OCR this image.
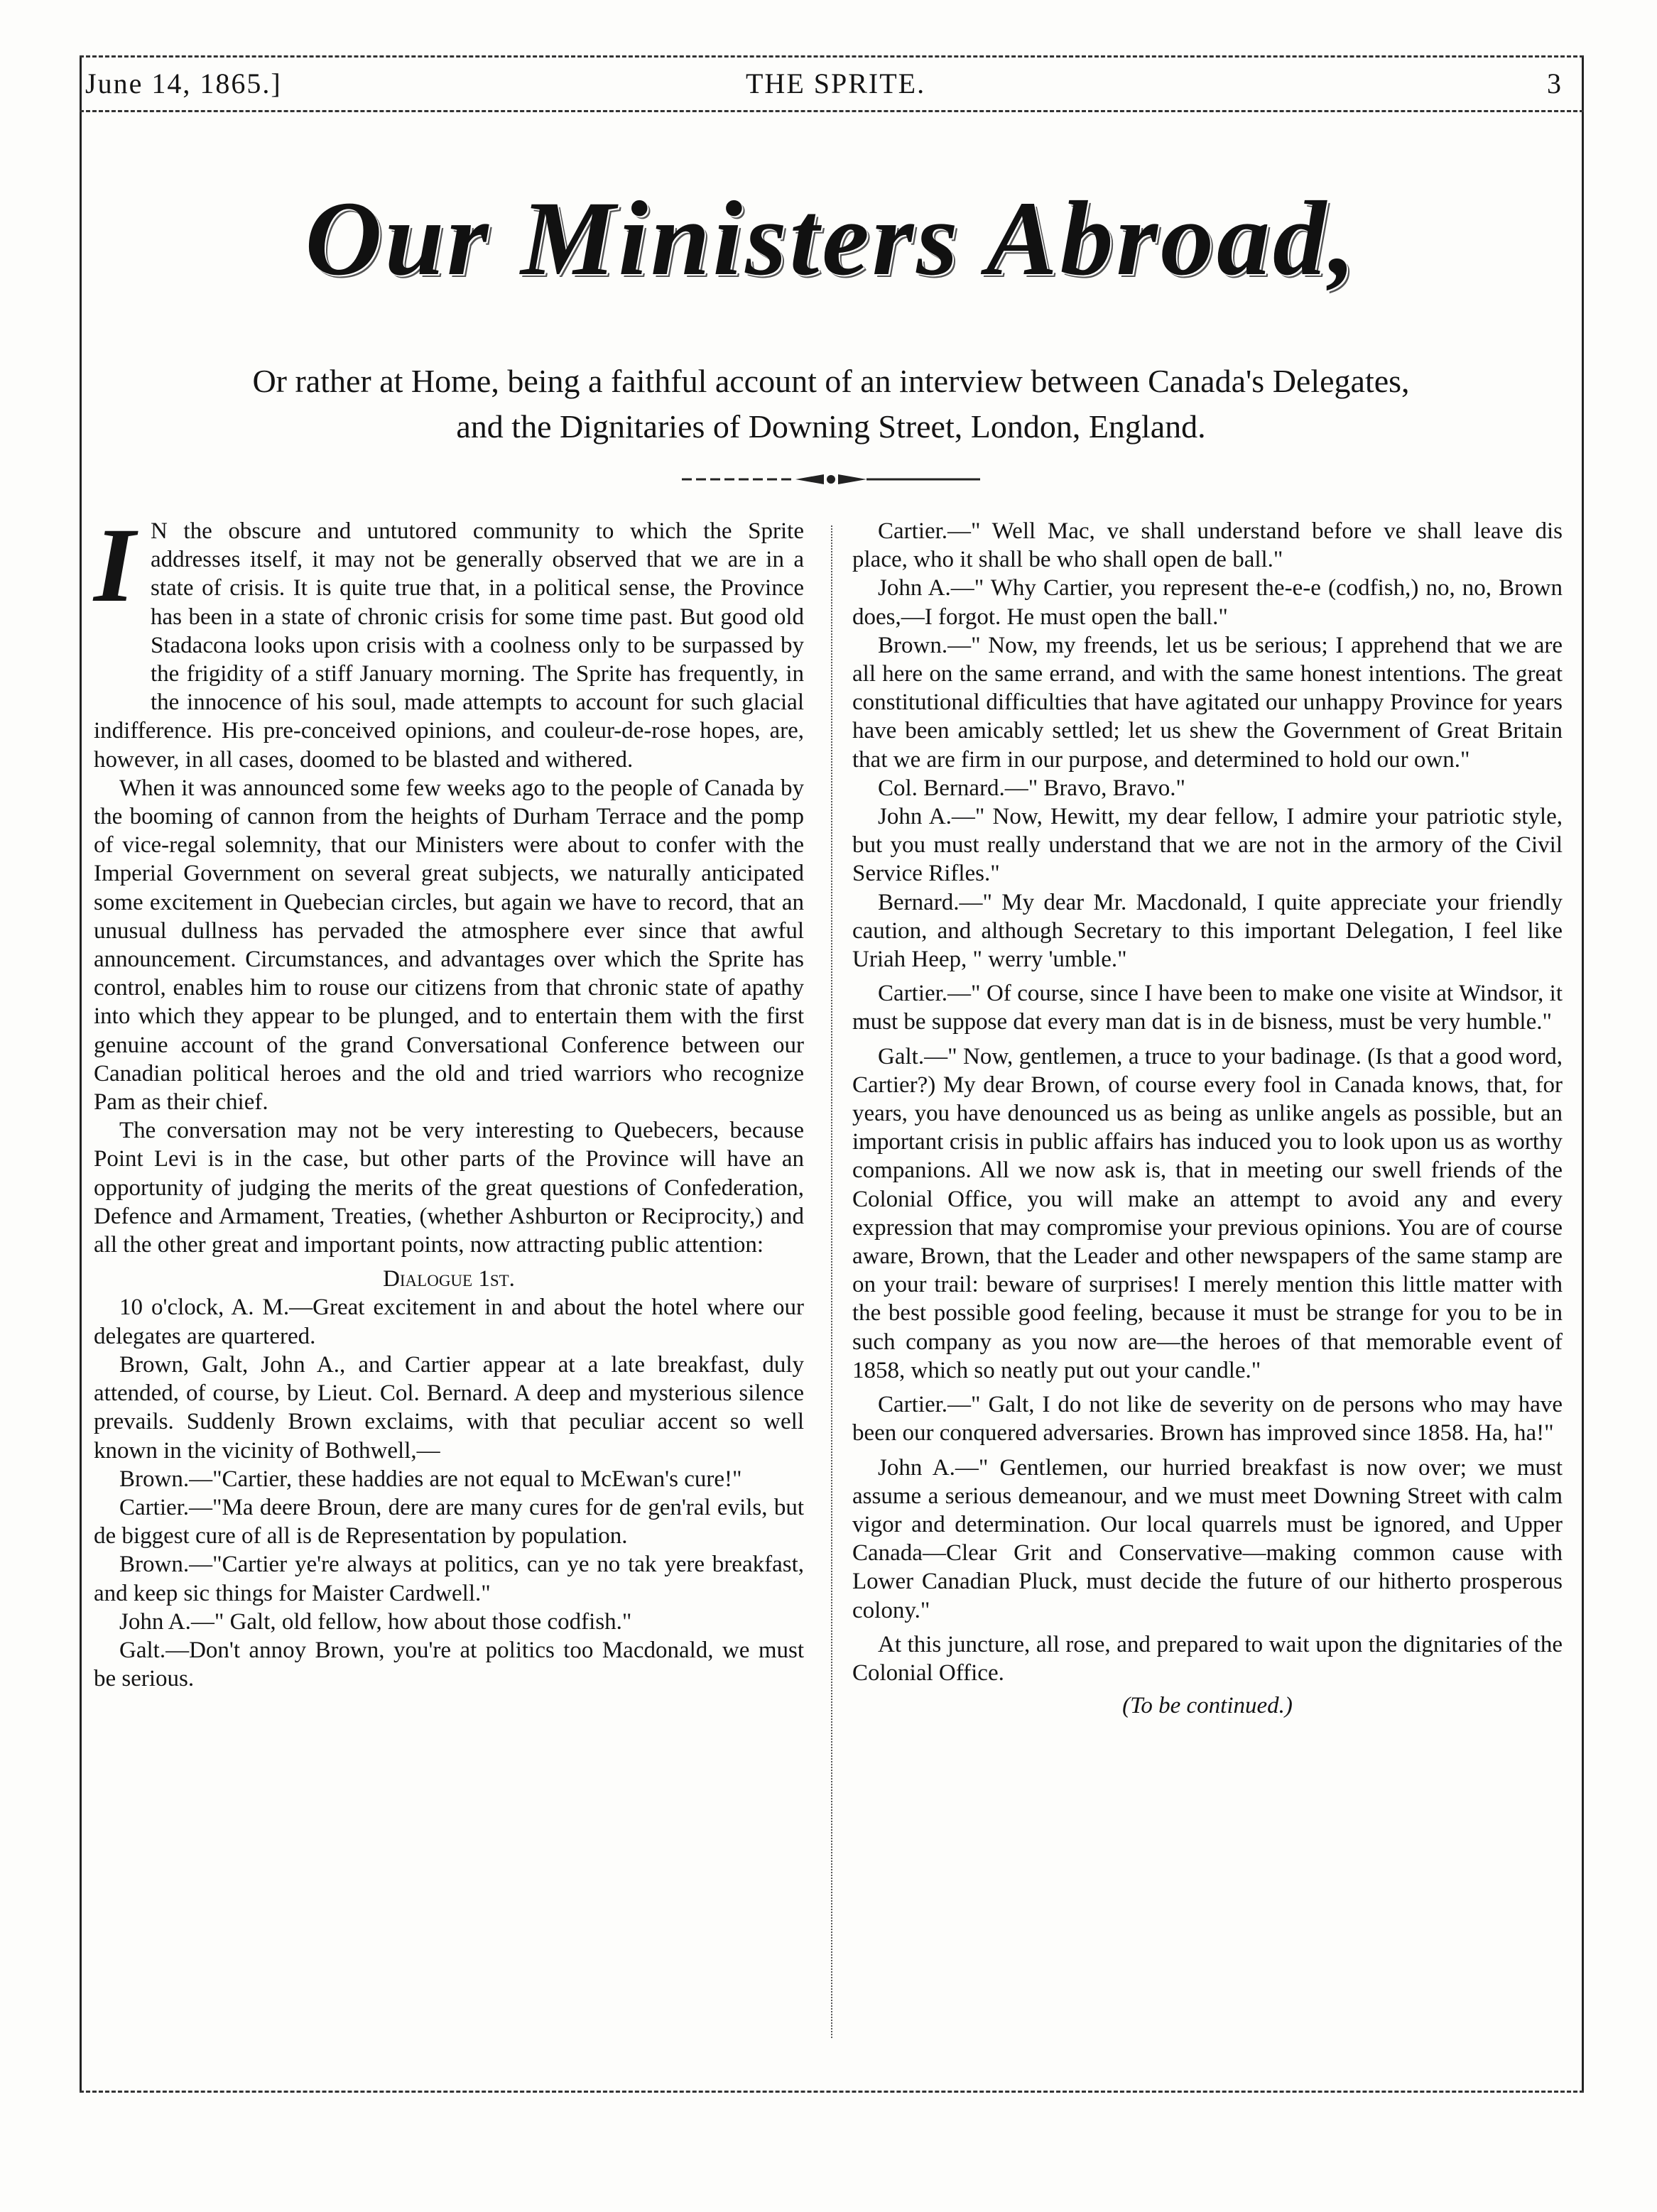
June 14, 1865.]	THE SPRITE.	3
Our Ministers Abroad,
Or rather at Home, being a faithful account of an interview between Canada's Delegates,
and the Dignitaries of Downing Street, London, England.
I N the obscure and untutored community to which the Sprite addresses itself, it may not be generally observed that we are in a state of crisis. It is quite true that, in a political sense, the Province has been in a state of chronic crisis for some time past. But good old Stadacona looks upon crisis with a coolness only to be surpassed by the frigidity of a stiff January morning. The Sprite has frequently, in the innocence of his soul, made attempts to account for such glacial indifference. His pre-conceived opinions, and couleur-de-rose hopes, are, however, in all cases, doomed to be blasted and withered.

When it was announced some few weeks ago to the people of Canada by the booming of cannon from the heights of Durham Terrace and the pomp of vice-regal solemnity, that our Ministers were about to confer with the Imperial Government on several great subjects, we naturally anticipated some excitement in Quebecian circles, but again we have to record, that an unusual dullness has pervaded the atmosphere ever since that awful announcement. Circumstances, and advantages over which the Sprite has control, enables him to rouse our citizens from that chronic state of apathy into which they appear to be plunged, and to entertain them with the first genuine account of the grand Conversational Conference between our Canadian political heroes and the old and tried warriors who recognize Pam as their chief.

The conversation may not be very interesting to Quebecers, because Point Levi is in the case, but other parts of the Province will have an opportunity of judging the merits of the great questions of Confederation, Defence and Armament, Treaties, (whether Ashburton or Reciprocity,) and all the other great and important points, now attracting public attention:

Dialogue 1st.

10 o'clock, A. M.—Great excitement in and about the hotel where our delegates are quartered.

Brown, Galt, John A., and Cartier appear at a late breakfast, duly attended, of course, by Lieut. Col. Bernard. A deep and mysterious silence prevails. Suddenly Brown exclaims, with that peculiar accent so well known in the vicinity of Bothwell,—

Brown.—"Cartier, these haddies are not equal to McEwan's cure!"

Cartier.—"Ma deere Broun, dere are many cures for de gen'ral evils, but de biggest cure of all is de Representation by population.

Brown.—"Cartier ye're always at politics, can ye no tak yere breakfast, and keep sic things for Maister Cardwell."

John A.—" Galt, old fellow, how about those codfish."

Galt.—Don't annoy Brown, you're at politics too Macdonald, we must be serious.

Cartier.—" Well Mac, ve shall understand before ve shall leave dis place, who it shall be who shall open de ball."

John A.—" Why Cartier, you represent the-e-e (codfish,) no, no, Brown does,—I forgot. He must open the ball."

Brown.—" Now, my freends, let us be serious; I apprehend that we are all here on the same errand, and with the same honest intentions. The great constitutional difficulties that have agitated our unhappy Province for years have been amicably settled; let us shew the Government of Great Britain that we are firm in our purpose, and determined to hold our own."

Col. Bernard.—" Bravo, Bravo."

John A.—" Now, Hewitt, my dear fellow, I admire your patriotic style, but you must really understand that we are not in the armory of the Civil Service Rifles."

Bernard.—" My dear Mr. Macdonald, I quite appreciate your friendly caution, and although Secretary to this important Delegation, I feel like Uriah Heep, " werry 'umble."

Cartier.—" Of course, since I have been to make one visite at Windsor, it must be suppose dat every man dat is in de bisness, must be very humble."

Galt.—" Now, gentlemen, a truce to your badinage. (Is that a good word, Cartier?) My dear Brown, of course every fool in Canada knows, that, for years, you have denounced us as being as unlike angels as possible, but an important crisis in public affairs has induced you to look upon us as worthy companions. All we now ask is, that in meeting our swell friends of the Colonial Office, you will make an attempt to avoid any and every expression that may compromise your previous opinions. You are of course aware, Brown, that the Leader and other newspapers of the same stamp are on your trail: beware of surprises! I merely mention this little matter with the best possible good feeling, because it must be strange for you to be in such company as you now are—the heroes of that memorable event of 1858, which so neatly put out your candle."

Cartier.—" Galt, I do not like de severity on de persons who may have been our conquered adversaries. Brown has improved since 1858. Ha, ha!"

John A.—" Gentlemen, our hurried breakfast is now over; we must assume a serious demeanour, and we must meet Downing Street with calm vigor and determination. Our local quarrels must be ignored, and Upper Canada—Clear Grit and Conservative—making common cause with Lower Canadian Pluck, must decide the future of our hitherto prosperous colony."

At this juncture, all rose, and prepared to wait upon the dignitaries of the Colonial Office.

(To be continued.)
